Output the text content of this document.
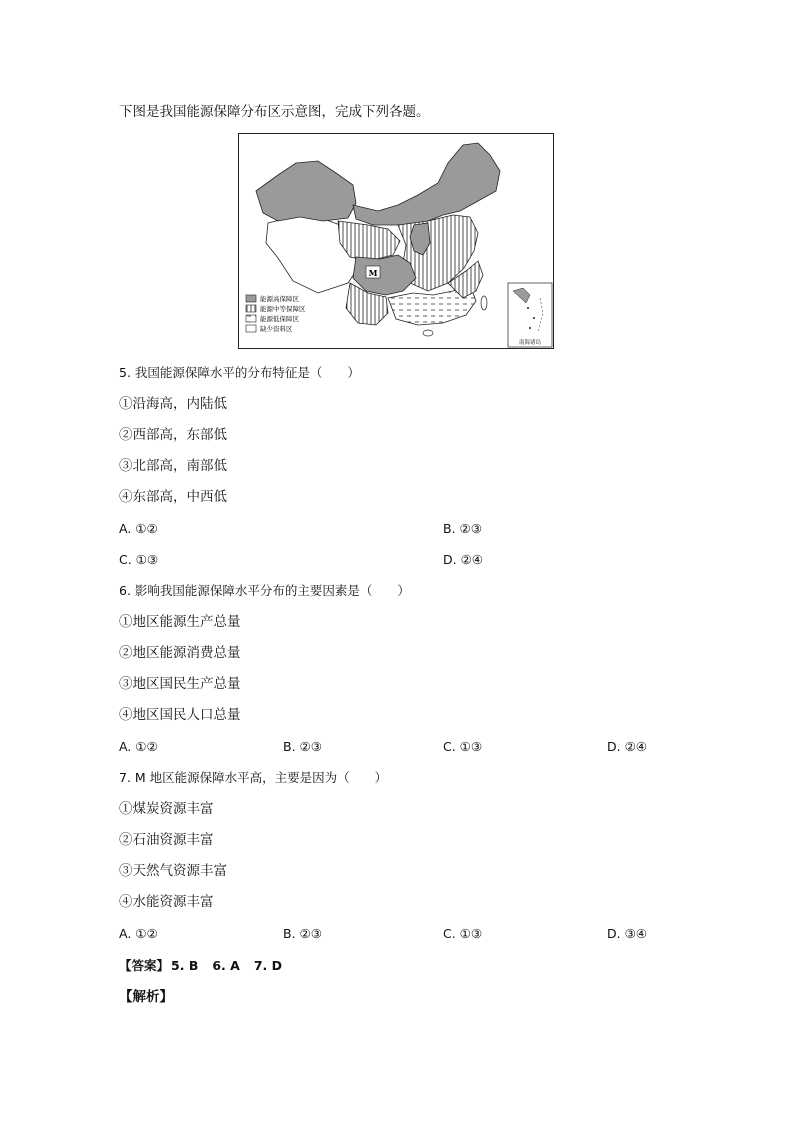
下图是我国能源保障分布区示意图，完成下列各题。
M
能源高保障区
能源中等保障区
能源低保障区
缺少资料区
南海诸岛
5. 我国能源保障水平的分布特征是（　　）
①沿海高，内陆低
②西部高，东部低
③北部高，南部低
④东部高，中西低
A. ①②	B. ②③
C. ①③	D. ②④
6. 影响我国能源保障水平分布的主要因素是（　　）
①地区能源生产总量
②地区能源消费总量
③地区国民生产总量
④地区国民人口总量
A. ①②	B. ②③	C. ①③	D. ②④
7. M 地区能源保障水平高，主要是因为（　　）
①煤炭资源丰富
②石油资源丰富
③天然气资源丰富
④水能资源丰富
A. ①②	B. ②③	C. ①③	D. ③④
【答案】 5. B 6. A 7. D
【解析】
